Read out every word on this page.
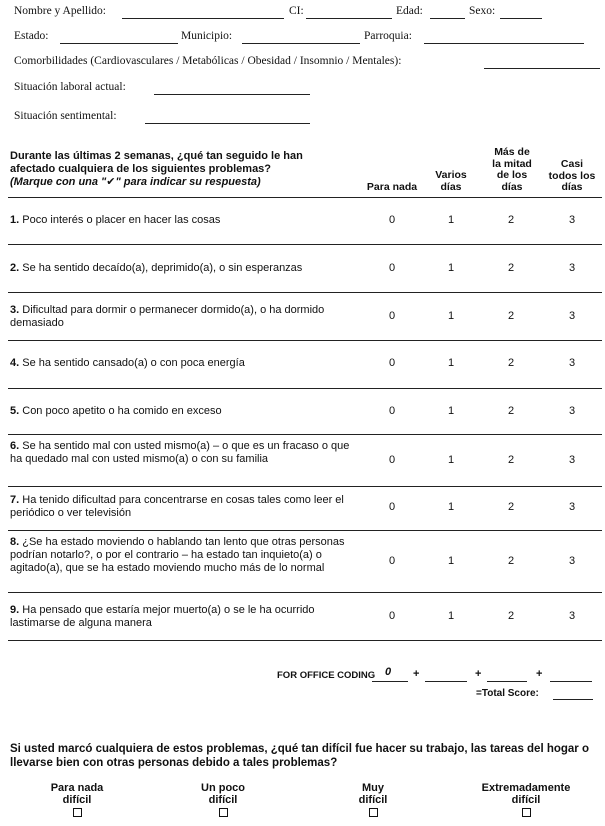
Nombre y Apellido:	CI:	Edad:	Sexo:
Estado:	Municipio:	Parroquia:
Comorbilidades (Cardiovasculares / Metabólicas / Obesidad / Insomnio / Mentales):
Situación laboral actual:
Situación sentimental:
Durante las últimas 2 semanas, ¿qué tan seguido le han
afectado cualquiera de los siguientes problemas?
(Marque con una "✔" para indicar su respuesta)	Para nada
Varios
días
Más de
la mitad
de los
días
Casi
todos los
días
1. Poco interés o placer en hacer las cosas	0	1	2	3
2. Se ha sentido decaído(a), deprimido(a), o sin esperanzas	0	1	2	3
3. Dificultad para dormir o permanecer dormido(a), o ha dormido demasiado
0	1	2	3
4. Se ha sentido cansado(a) o con poca energía	0	1	2	3
5. Con poco apetito o ha comido en exceso	0	1	2	3
6. Se ha sentido mal con usted mismo(a) – o que es un fracaso o que ha quedado mal con usted mismo(a) o con su familia	0	1	2	3
7. Ha tenido dificultad para concentrarse en cosas tales como leer el periódico o ver televisión	0	1	2	3
8. ¿Se ha estado moviendo o hablando tan lento que otras personas podrían notarlo?, o por el contrario – ha estado tan inquieto(a) o agitado(a), que se ha estado moviendo mucho más de lo normal
0	1	2	3
9. Ha pensado que estaría mejor muerto(a) o se le ha ocurrido lastimarse de alguna manera
0	1	2	3
FOR OFFICE CODING 0 +	+	+
=Total Score:
Si usted marcó cualquiera de estos problemas, ¿qué tan difícil fue hacer su trabajo, las tareas del hogar o llevarse bien con otras personas debido a tales problemas?
Para nada
difícil
Un poco
difícil
Muy
difícil
Extremadamente
difícil
